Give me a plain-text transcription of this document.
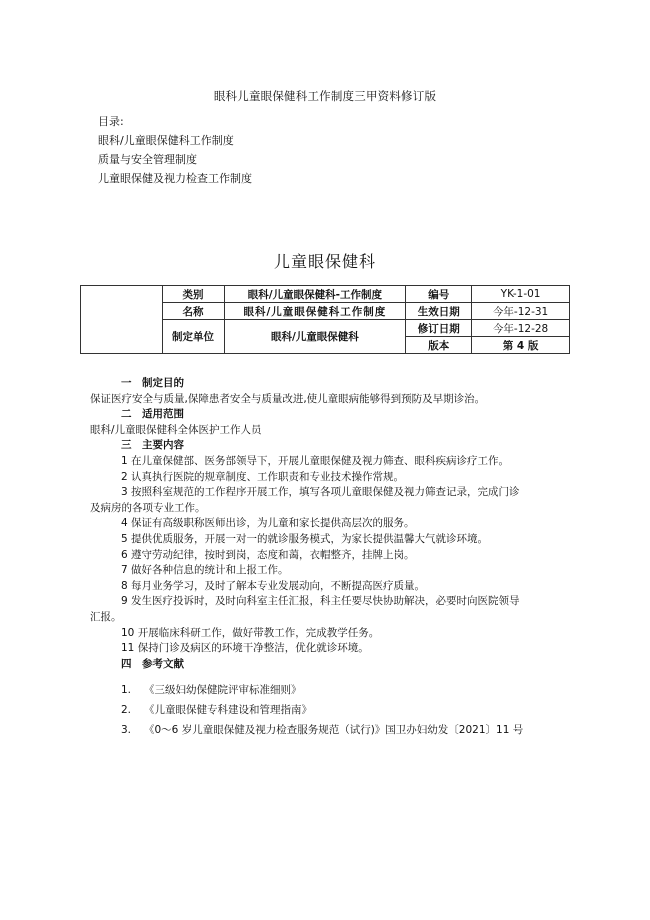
眼科儿童眼保健科工作制度三甲资料修订版
目录:
眼科/儿童眼保健科工作制度
质量与安全管理制度
儿童眼保健及视力检查工作制度
儿童眼保健科
	类别	眼科/儿童眼保健科-工作制度	编号	YK-1-01
	名称	眼科/儿童眼保健科工作制度	生效日期	今年-12-31
	制定单位	眼科/儿童眼保健科	修订日期	今年-12-28
			版本	第 4 版
一　制定目的
保证医疗安全与质量,保障患者安全与质量改进,使儿童眼病能够得到预防及早期诊治。
二　适用范围
眼科/儿童眼保健科全体医护工作人员
三　主要内容
1 在儿童保健部、医务部领导下，开展儿童眼保健及视力筛查、眼科疾病诊疗工作。
2 认真执行医院的规章制度、工作职责和专业技术操作常规。
3 按照科室规范的工作程序开展工作，填写各项儿童眼保健及视力筛查记录，完成门诊
及病房的各项专业工作。
4 保证有高级职称医师出诊，为儿童和家长提供高层次的服务。
5 提供优质服务，开展一对一的就诊服务模式，为家长提供温馨大气就诊环境。
6 遵守劳动纪律，按时到岗，态度和蔼，衣帽整齐，挂牌上岗。
7 做好各种信息的统计和上报工作。
8 每月业务学习，及时了解本专业发展动向，不断提高医疗质量。
9 发生医疗投诉时，及时向科室主任汇报，科主任要尽快协助解决，必要时向医院领导
汇报。
10 开展临床科研工作，做好带教工作，完成教学任务。
11 保持门诊及病区的环境干净整洁，优化就诊环境。
四　参考文献
1. 《三级妇幼保健院评审标准细则》
2. 《儿童眼保健专科建设和管理指南》
3. 《0～6 岁儿童眼保健及视力检查服务规范（试行)》国卫办妇幼发〔2021〕11 号
